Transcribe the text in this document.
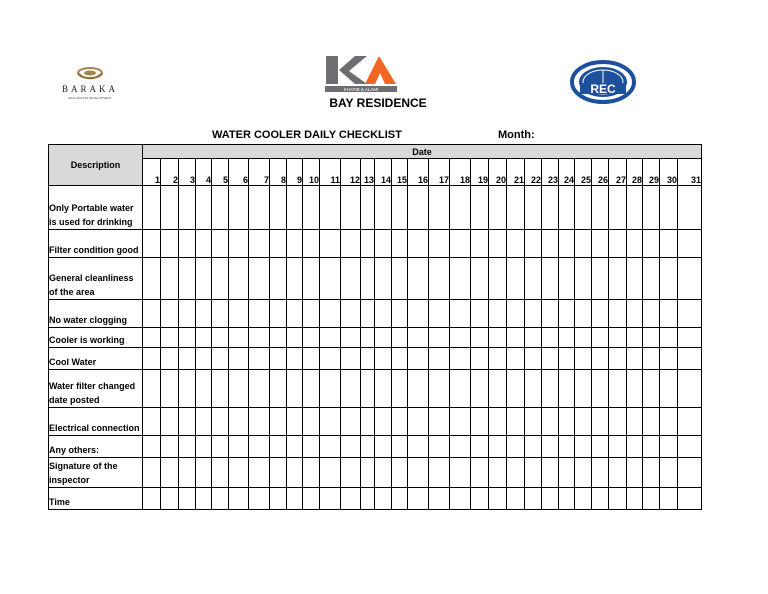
BARAKA
REAL ESTATE DEVELOPMENT
KHATIB & ALAMI	REC
BAY RESIDENCE
WATER COOLER DAILY CHECKLIST	Month:
Description	Date																														
	1	2	3	4	5	6	7	8	9	10	11	12	13	14	15	16	17	18	19	20	21	22	23	24	25	26	27	28	29	30	31
Only Portable water is used for drinking																															
Filter condition good																															
General cleanliness of the area																															
No water clogging																															
Cooler is working																															
Cool Water																															
Water filter changed date posted																															
Electrical connection																															
Any others:																															
Signature of the inspector																															
Time																															
